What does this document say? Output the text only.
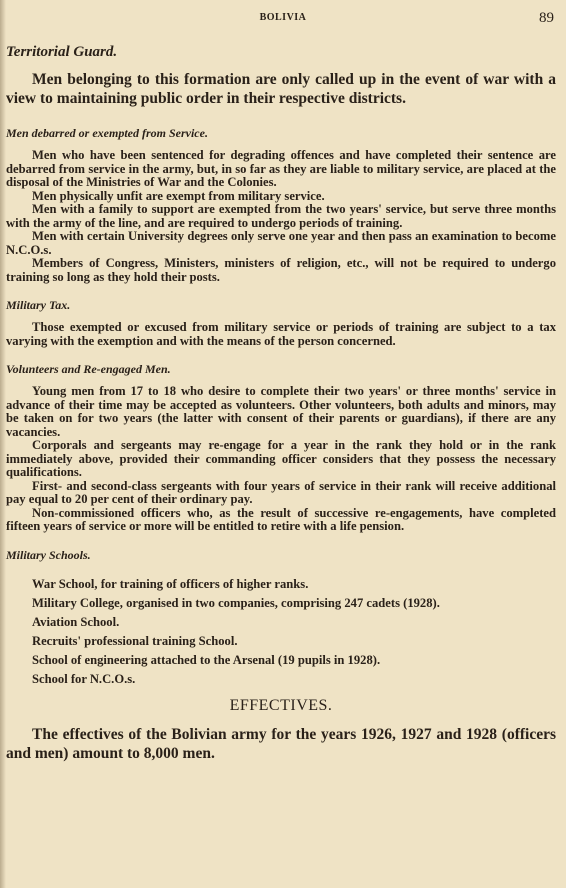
BOLIVIA	89
Territorial Guard.

Men belonging to this formation are only called up in the event of war with a view to maintaining public order in their respective districts.

Men debarred or exempted from Service.

Men who have been sentenced for degrading offences and have completed their sentence are debarred from service in the army, but, in so far as they are liable to military service, are placed at the disposal of the Ministries of War and the Colonies.

Men physically unfit are exempt from military service.

Men with a family to support are exempted from the two years' service, but serve three months with the army of the line, and are required to undergo periods of training.

Men with certain University degrees only serve one year and then pass an examination to become N.C.O.s.

Members of Congress, Ministers, ministers of religion, etc., will not be required to undergo training so long as they hold their posts.

Military Tax.

Those exempted or excused from military service or periods of training are subject to a tax varying with the exemption and with the means of the person concerned.

Volunteers and Re-engaged Men.

Young men from 17 to 18 who desire to complete their two years' or three months' service in advance of their time may be accepted as volunteers. Other volunteers, both adults and minors, may be taken on for two years (the latter with consent of their parents or guardians), if there are any vacancies.

Corporals and sergeants may re-engage for a year in the rank they hold or in the rank immediately above, provided their commanding officer considers that they possess the necessary qualifications.

First- and second-class sergeants with four years of service in their rank will receive additional pay equal to 20 per cent of their ordinary pay.

Non-commissioned officers who, as the result of successive re-engagements, have completed fifteen years of service or more will be entitled to retire with a life pension.

Military Schools.
War School, for training of officers of higher ranks.
Military College, organised in two companies, comprising 247 cadets (1928).
Aviation School.
Recruits' professional training School.
School of engineering attached to the Arsenal (19 pupils in 1928).
School for N.C.O.s.
EFFECTIVES.

The effectives of the Bolivian army for the years 1926, 1927 and 1928 (officers and men) amount to 8,000 men.
